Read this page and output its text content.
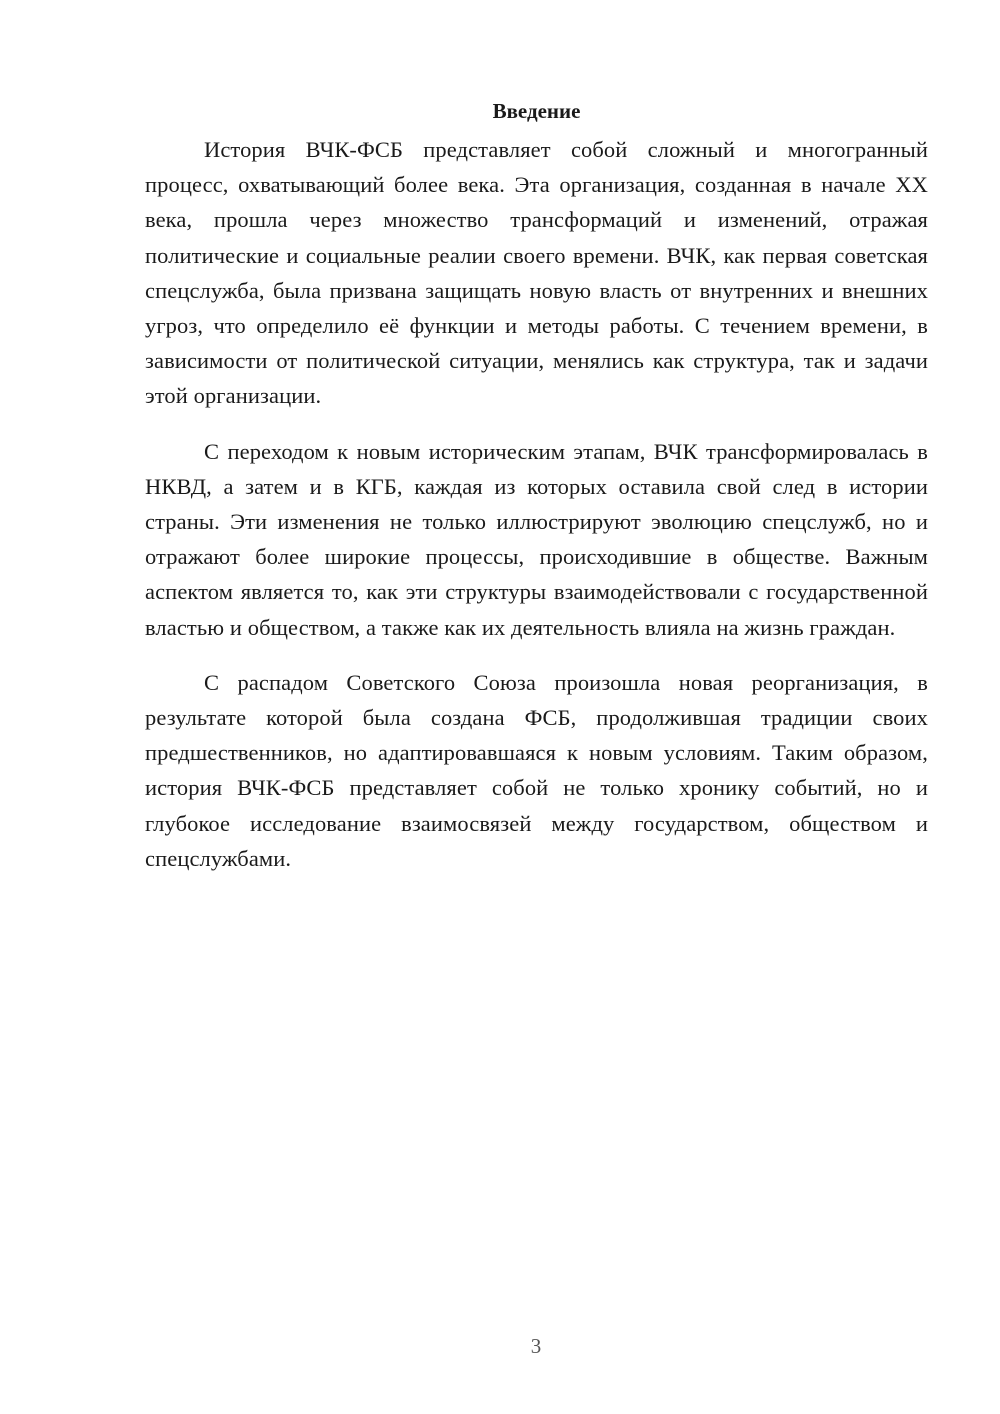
Введение

История ВЧК-ФСБ представляет собой сложный и многогранный процесс, охватывающий более века. Эта организация, созданная в начале XX века, прошла через множество трансформаций и изменений, отражая политические и социальные реалии своего времени. ВЧК, как первая советская спецслужба, была призвана защищать новую власть от внутренних и внешних угроз, что определило её функции и методы работы. С течением времени, в зависимости от политической ситуации, менялись как структура, так и задачи этой организации.

С переходом к новым историческим этапам, ВЧК трансформировалась в НКВД, а затем и в КГБ, каждая из которых оставила свой след в истории страны. Эти изменения не только иллюстрируют эволюцию спецслужб, но и отражают более широкие процессы, происходившие в обществе. Важным аспектом является то, как эти структуры взаимодействовали с государственной властью и обществом, а также как их деятельность влияла на жизнь граждан.

С распадом Советского Союза произошла новая реорганизация, в результате которой была создана ФСБ, продолжившая традиции своих предшественников, но адаптировавшаяся к новым условиям. Таким образом, история ВЧК-ФСБ представляет собой не только хронику событий, но и глубокое исследование взаимосвязей между государством, обществом и спецслужбами.

3
